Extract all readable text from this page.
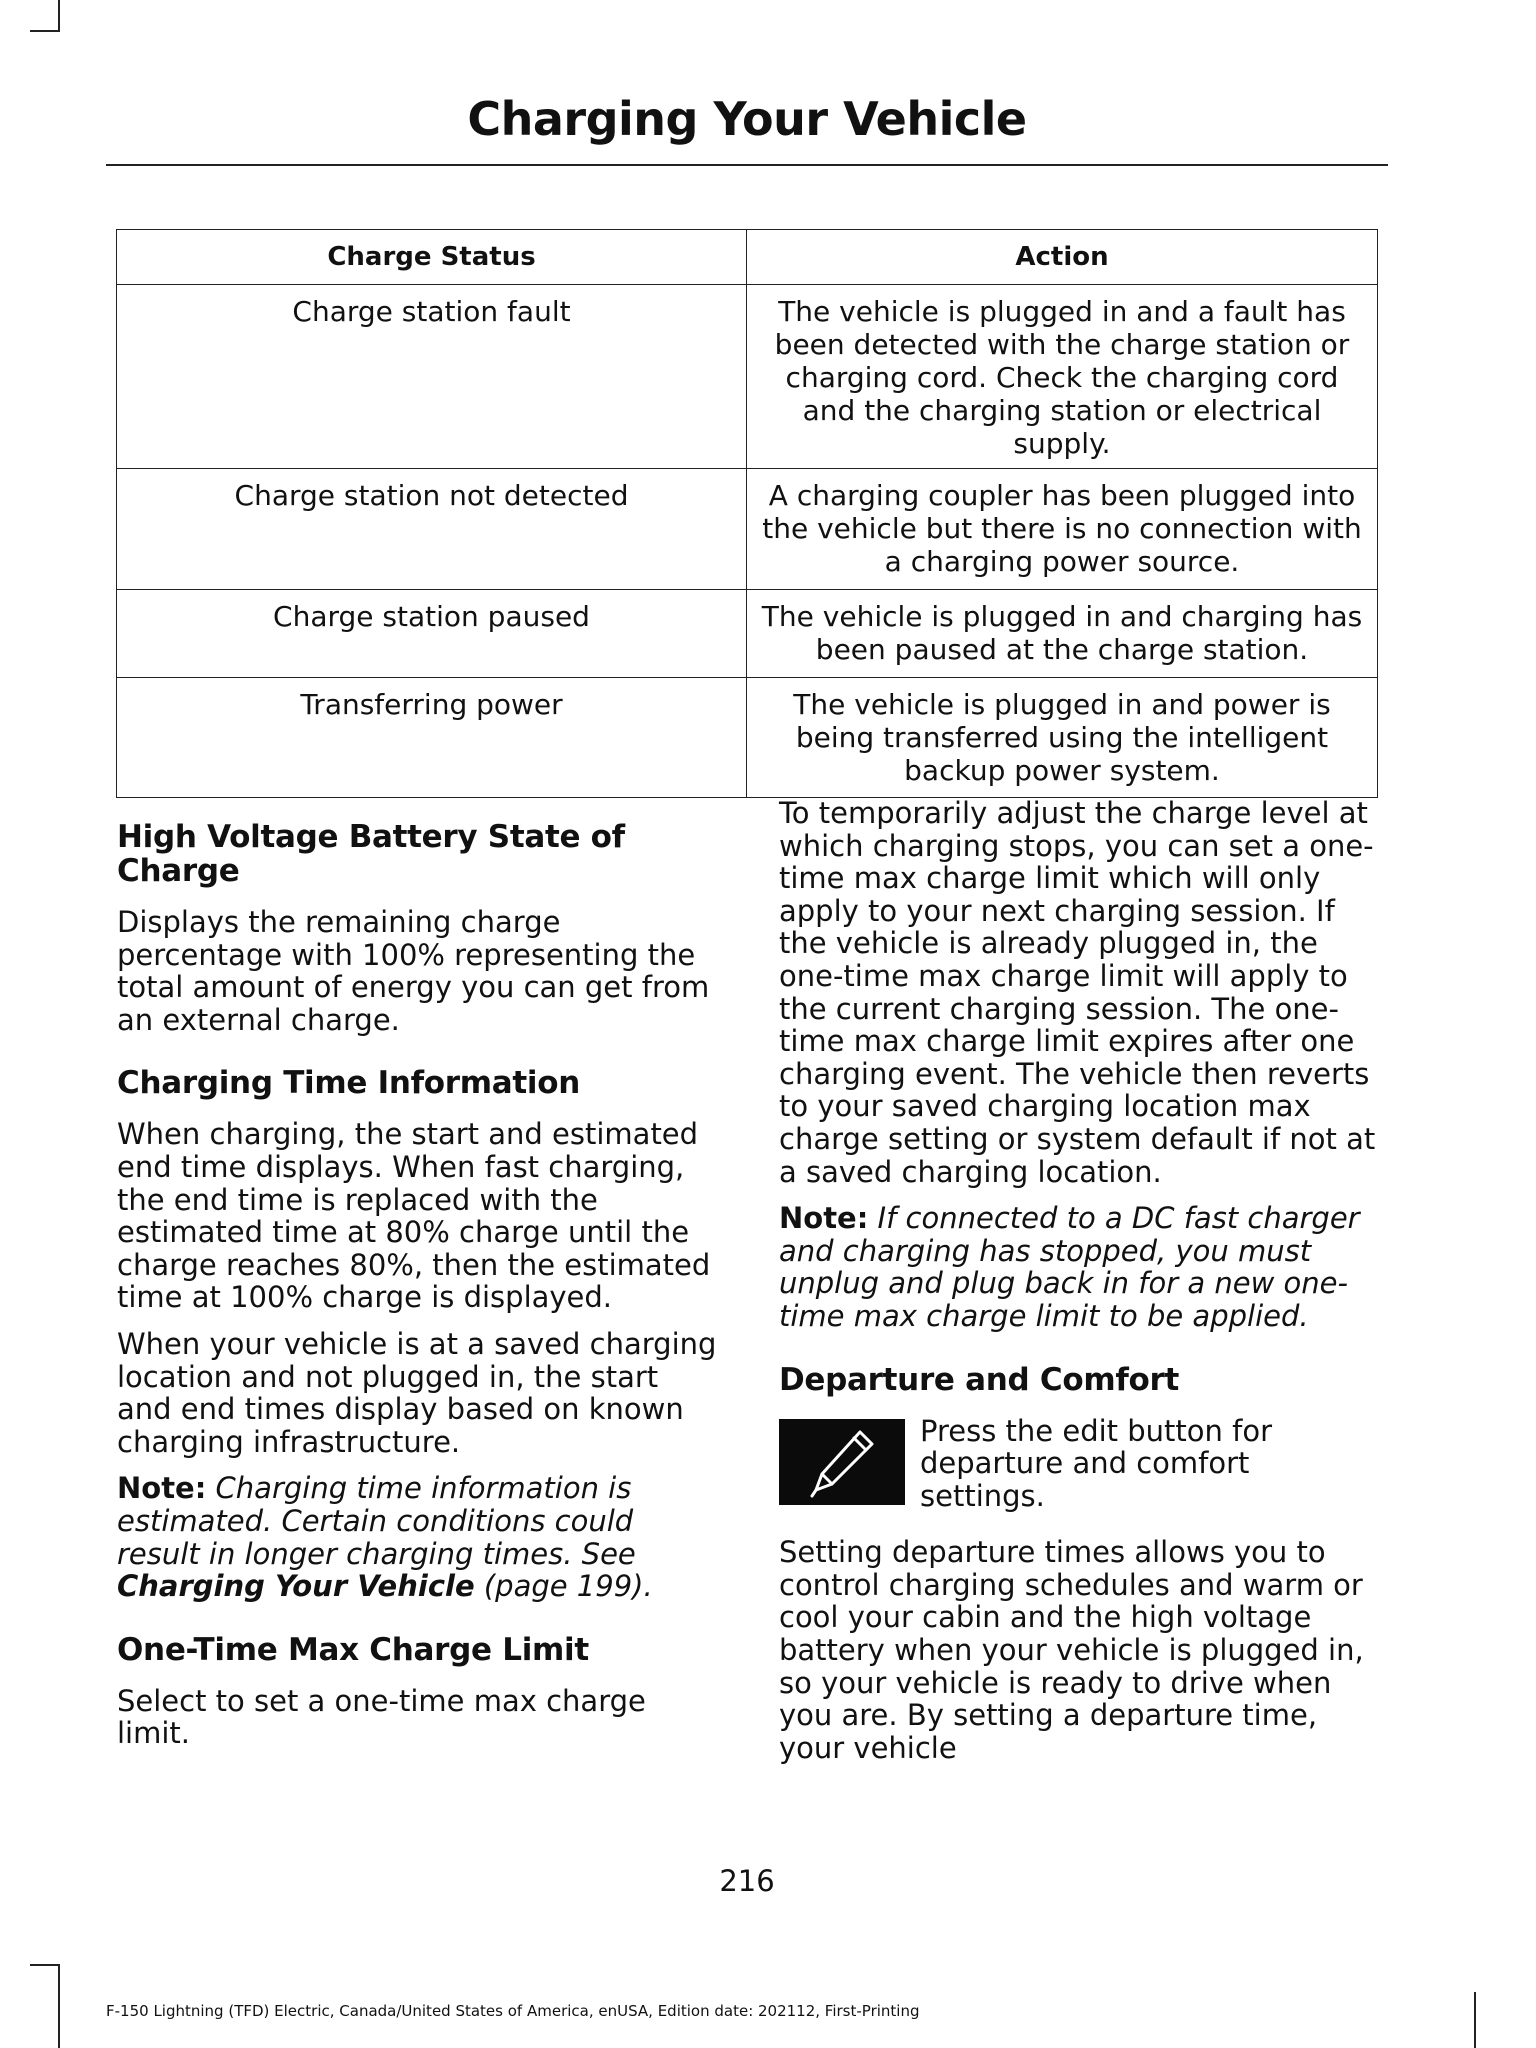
Charging Your Vehicle
Charge Status	Action
Charge station fault	The vehicle is plugged in and a fault has been detected with the charge station or charging cord. Check the charging cord and the charging station or electrical supply.
Charge station not detected	A charging coupler has been plugged into the vehicle but there is no connection with a charging power source.
Charge station paused	The vehicle is plugged in and charging has been paused at the charge station.
Transferring power	The vehicle is plugged in and power is being transferred using the intelligent backup power system.
High Voltage Battery State of Charge

Displays the remaining charge percentage with 100% representing the total amount of energy you can get from an external charge.

Charging Time Information

When charging, the start and estimated end time displays. When fast charging, the end time is replaced with the estimated time at 80% charge until the charge reaches 80%, then the estimated time at 100% charge is displayed.

When your vehicle is at a saved charging location and not plugged in, the start and end times display based on known charging infrastructure.

Note: Charging time information is estimated. Certain conditions could result in longer charging times. See Charging Your Vehicle (page 199).

One-Time Max Charge Limit

Select to set a one-time max charge limit.

To temporarily adjust the charge level at which charging stops, you can set a one-time max charge limit which will only apply to your next charging session. If the vehicle is already plugged in, the one-time max charge limit will apply to the current charging session. The one-time max charge limit expires after one charging event. The vehicle then reverts to your saved charging location max charge setting or system default if not at a saved charging location.

Note: If connected to a DC fast charger and charging has stopped, you must unplug and plug back in for a new one-time max charge limit to be applied.

Departure and Comfort
Press the edit button for departure and comfort settings.

Setting departure times allows you to control charging schedules and warm or cool your cabin and the high voltage battery when your vehicle is plugged in, so your vehicle is ready to drive when you are. By setting a departure time, your vehicle

216
F-150 Lightning (TFD) Electric, Canada/United States of America, enUSA, Edition date: 202112, First-Printing
